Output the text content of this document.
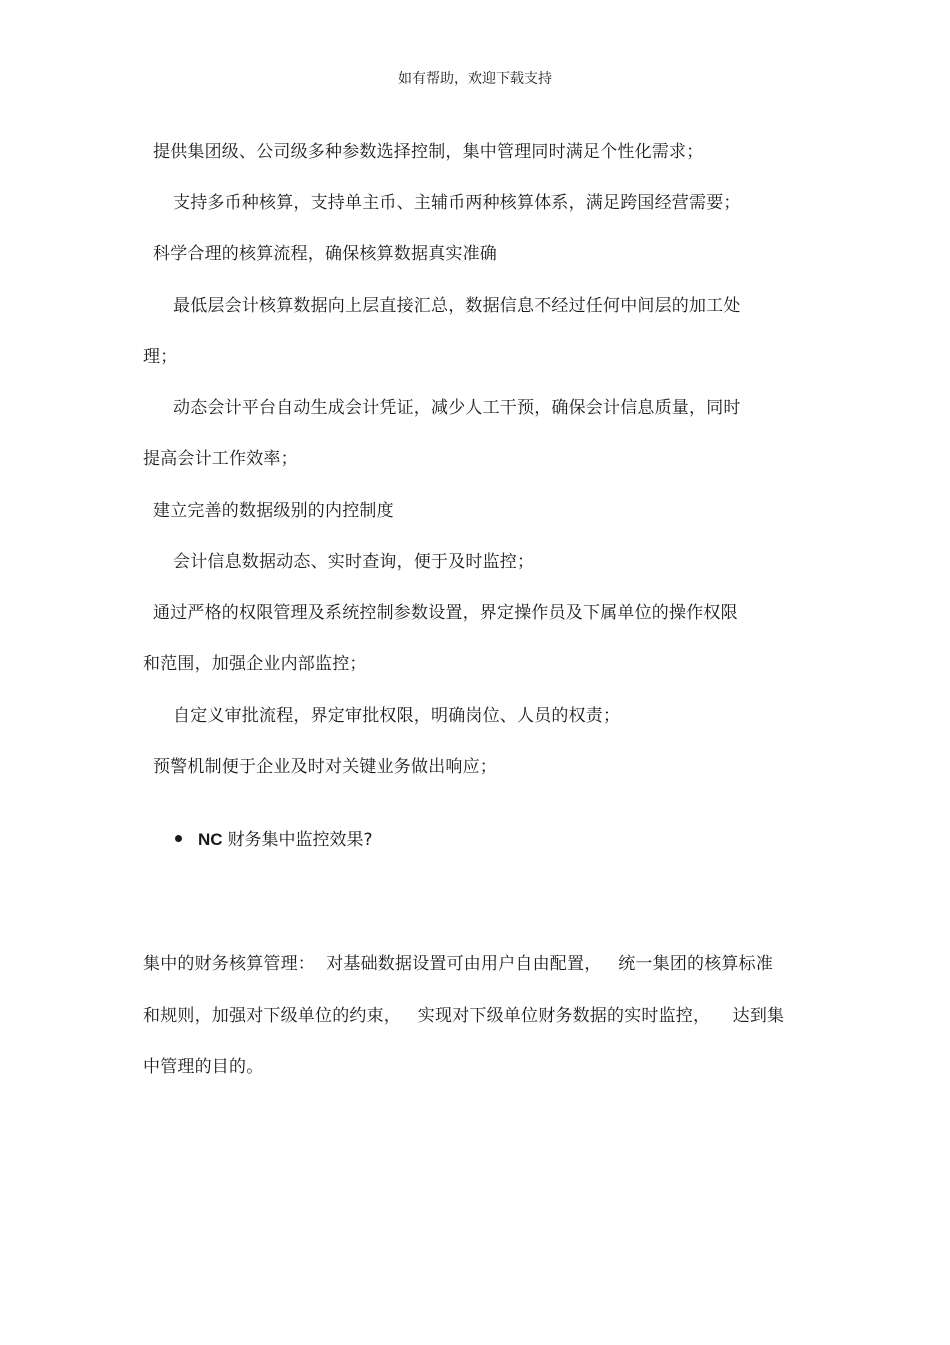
如有帮助，欢迎下载支持
提供集团级、公司级多种参数选择控制，集中管理同时满足个性化需求；
支持多币种核算，支持单主币、主辅币两种核算体系，满足跨国经营需要；
科学合理的核算流程，确保核算数据真实准确
最低层会计核算数据向上层直接汇总，数据信息不经过任何中间层的加工处
理；
动态会计平台自动生成会计凭证，减少人工干预，确保会计信息质量，同时
提高会计工作效率；
建立完善的数据级别的内控制度
会计信息数据动态、实时查询，便于及时监控；
通过严格的权限管理及系统控制参数设置，界定操作员及下属单位的操作权限
和范围，加强企业内部监控；
自定义审批流程，界定审批权限，明确岗位、人员的权责；
预警机制便于企业及时对关键业务做出响应；
NC 财务集中监控效果?
集中的财务核算管理：  对基础数据设置可由用户自由配置，   统一集团的核算标准
和规则，加强对下级单位的约束，   实现对下级单位财务数据的实时监控，    达到集
中管理的目的。
